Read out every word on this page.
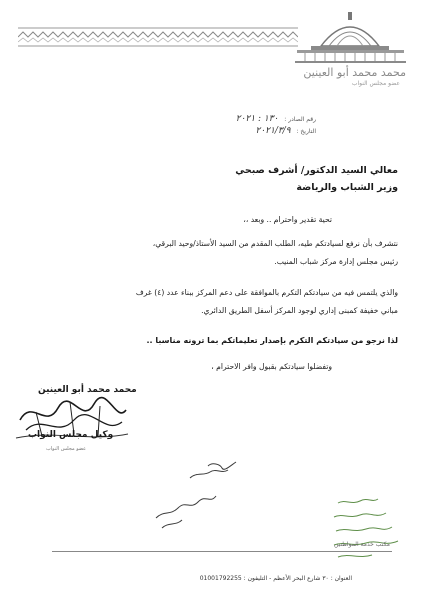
محمد محمد أبو العينين
عضو مجلس النواب
رقم الصادر : ١٣٠ : ٢٠٢١
التاريخ : ٢٠٢١/٣/٩
معالي السيد الدكتور/ أشرف صبحي
وزير الشباب والرياضة
تحية تقدير واحترام .. وبعد ،،
نتشرف بأن نرفع لسيادتكم طيه، الطلب المقدم من السيد الأستاذ/وحيد البرقي،
رئيس مجلس إدارة مركز شباب المنيب.
والذي يلتمس فيه من سيادتكم التكرم بالموافقة على دعم المركز ببناء عدد (٤) غرف
مباني خفيفة كمبنى إداري لوجود المركز أسفل الطريق الدائري.
لذا نرجو من سيادتكم التكرم بإصدار تعليماتكم بما ترونه مناسبا ..
وتفضلوا سيادتكم بقبول وافر الاحترام ،
محمد محمد أبو العينين
وكيل مجلس النواب
عضو مجلس النواب
مكتب خدمة المواطنين
العنوان : ٣٠ شارع البحر الأعظم - التليفون : 01001792255
